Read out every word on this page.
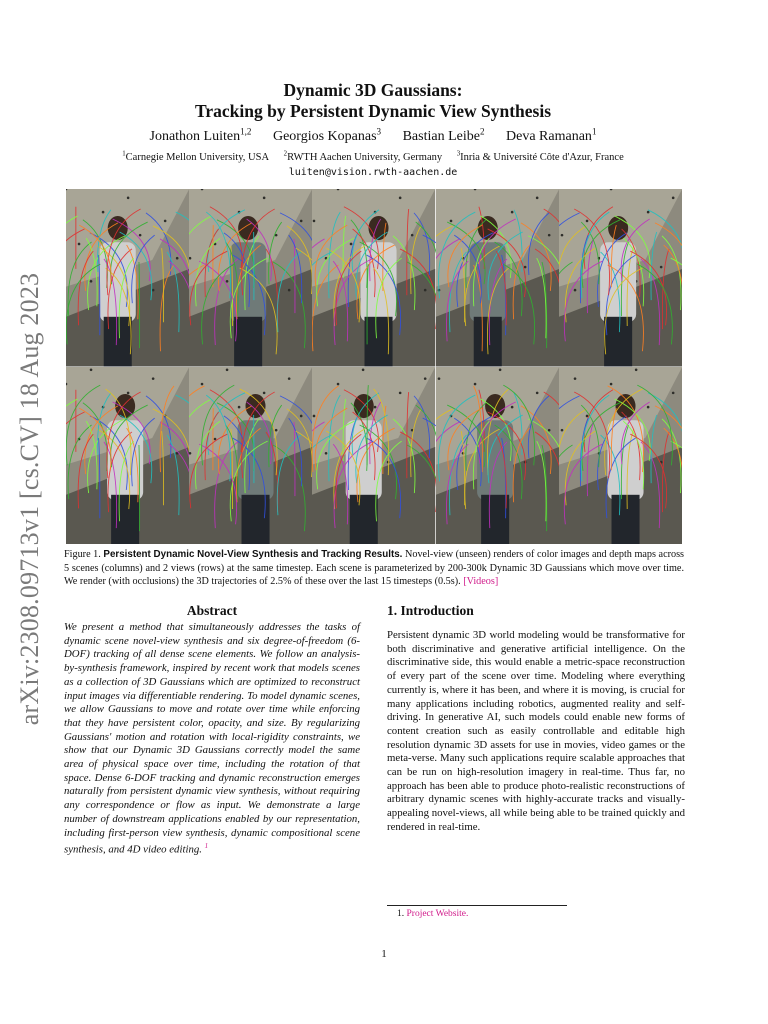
arXiv:2308.09713v1 [cs.CV] 18 Aug 2023
Dynamic 3D Gaussians:
Tracking by Persistent Dynamic View Synthesis
Jonathon Luiten$^{1,2}$ Georgios Kopanas$^3$ Bastian Leibe$^2$ Deva Ramanan$^1$
$^1$Carnegie Mellon University, USA $^2$RWTH Aachen University, Germany $^3$Inria & Université Côte d'Azur, France
luiten@vision.rwth-aachen.de
Figure 1. Persistent Dynamic Novel-View Synthesis and Tracking Results. Novel-view (unseen) renders of color images and depth maps across 5 scenes (columns) and 2 views (rows) at the same timestep. Each scene is parameterized by 200-300k Dynamic 3D Gaussians which move over time. We render (with occlusions) the 3D trajectories of 2.5% of these over the last 15 timesteps (0.5s). [Videos]
Abstract

We present a method that simultaneously addresses the tasks of dynamic scene novel-view synthesis and six degree-of-freedom (6-DOF) tracking of all dense scene elements. We follow an analysis-by-synthesis framework, inspired by recent work that models scenes as a collection of 3D Gaussians which are optimized to reconstruct input images via differentiable rendering. To model dynamic scenes, we allow Gaussians to move and rotate over time while enforcing that they have persistent color, opacity, and size. By regularizing Gaussians' motion and rotation with local-rigidity constraints, we show that our Dynamic 3D Gaussians correctly model the same area of physical space over time, including the rotation of that space. Dense 6-DOF tracking and dynamic reconstruction emerges naturally from persistent dynamic view synthesis, without requiring any correspondence or flow as input. We demonstrate a large number of downstream applications enabled by our representation, including first-person view synthesis, dynamic compositional scene synthesis, and 4D video editing. $^1$

1. Introduction

Persistent dynamic 3D world modeling would be transformative for both discriminative and generative artificial intelligence. On the discriminative side, this would enable a metric-space reconstruction of every part of the scene over time. Modeling where everything currently is, where it has been, and where it is moving, is crucial for many applications including robotics, augmented reality and self-driving. In generative AI, such models could enable new forms of content creation such as easily controllable and editable high resolution dynamic 3D assets for use in movies, video games or the meta-verse. Many such applications require scalable approaches that can be run on high-resolution imagery in real-time. Thus far, no approach has been able to produce photo-realistic reconstructions of arbitrary dynamic scenes with highly-accurate tracks and visually-appealing novel-views, all while being able to be trained quickly and rendered in real-time.

1. Project Website.
1
